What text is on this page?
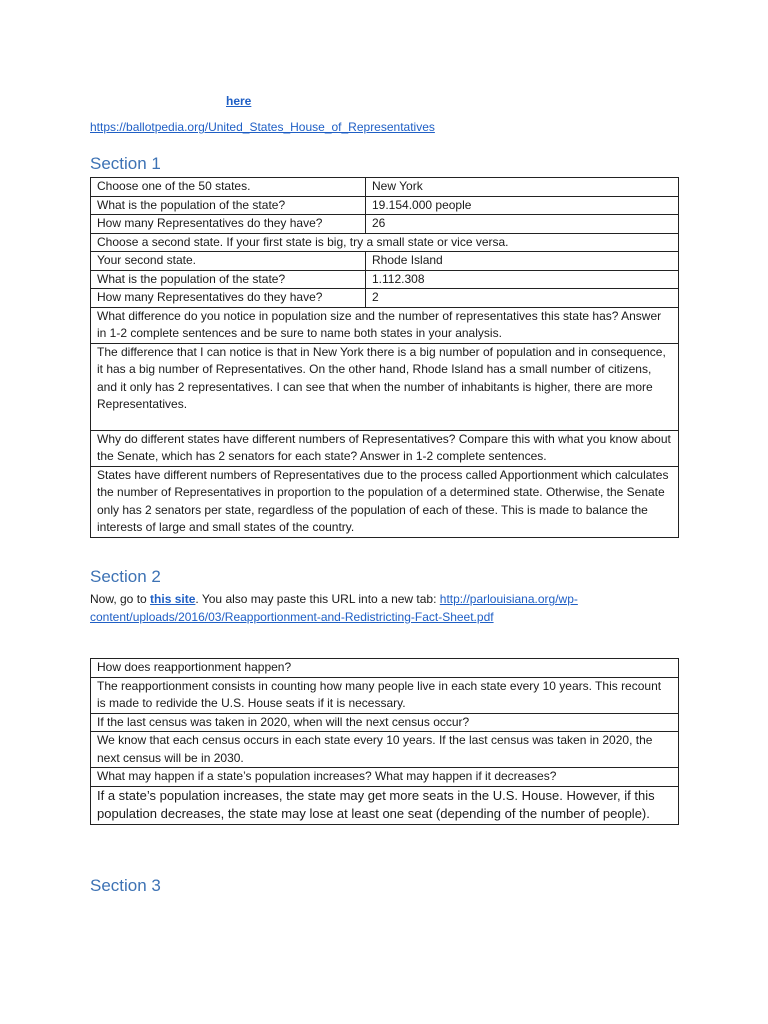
here
https://ballotpedia.org/United_States_House_of_Representatives
Section 1
Choose one of the 50 states.	New York
What is the population of the state?	19.154.000 people
How many Representatives do they have?	26
Choose a second state. If your first state is big, try a small state or vice versa.	
Your second state.	Rhode Island
What is the population of the state?	1.112.308
How many Representatives do they have?	2
What difference do you notice in population size and the number of representatives this state has? Answer in 1-2 complete sentences and be sure to name both states in your analysis.	
The difference that I can notice is that in New York there is a big number of population and in consequence, it has a big number of Representatives. On the other hand, Rhode Island has a small number of citizens, and it only has 2 representatives. I can see that when the number of inhabitants is higher, there are more Representatives.	
Why do different states have different numbers of Representatives? Compare this with what you know about the Senate, which has 2 senators for each state? Answer in 1-2 complete sentences.	
States have different numbers of Representatives due to the process called Apportionment which calculates the number of Representatives in proportion to the population of a determined state. Otherwise, the Senate only has 2 senators per state, regardless of the population of each of these. This is made to balance the interests of large and small states of the country.	
Section 2
Now, go to this site. You also may paste this URL into a new tab: http://parlouisiana.org/wp-content/uploads/2016/03/Reapportionment-and-Redistricting-Fact-Sheet.pdf
How does reapportionment happen?
The reapportionment consists in counting how many people live in each state every 10 years. This recount is made to redivide the U.S. House seats if it is necessary.
If the last census was taken in 2020, when will the next census occur?
We know that each census occurs in each state every 10 years. If the last census was taken in 2020, the next census will be in 2030.
What may happen if a state’s population increases? What may happen if it decreases?
If a state’s population increases, the state may get more seats in the U.S. House. However, if this population decreases, the state may lose at least one seat (depending of the number of people).
Section 3
